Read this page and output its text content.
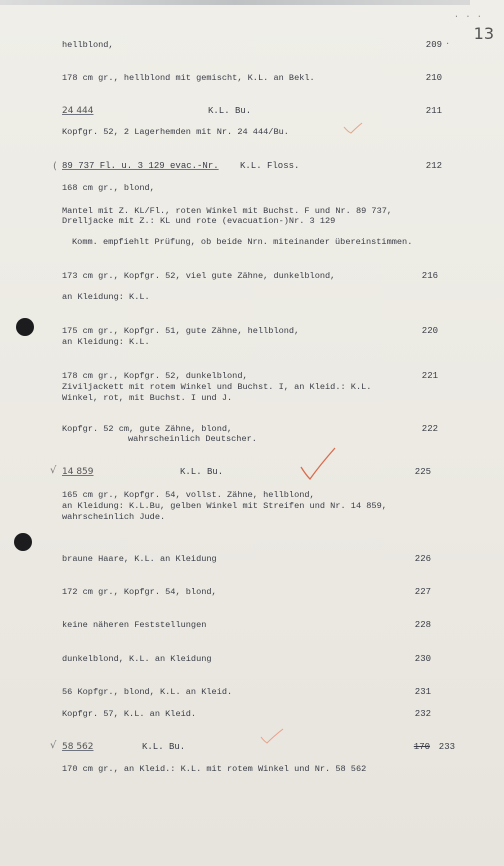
···
13
hellblond,	209 ·
178 cm gr., hellblond mit gemischt, K.L. an Bekl.	210
24 444	K.L. Bu.	211
Kopfgr. 52, 2 Lagerhemden mit Nr. 24 444/Bu.
( 89 737 Fl. u. 3 129 evac.-Nr. K.L. Floss.	212
168 cm gr., blond,
Mantel mit Z. KL/Fl., roten Winkel mit Buchst. F und Nr. 89 737,
Drelljacke mit Z.: KL und rote (evacuation-)Nr. 3 129
Komm. empfiehlt Prüfung, ob beide Nrn. miteinander übereinstimmen.
173 cm gr., Kopfgr. 52, viel gute Zähne, dunkelblond,	216
an Kleidung: K.L.
175 cm gr., Kopfgr. 51, gute Zähne, hellblond,	220
an Kleidung: K.L.
178 cm gr., Kopfgr. 52, dunkelblond,	221
Ziviljackett mit rotem Winkel und Buchst. I, an Kleid.: K.L.
Winkel, rot, mit Buchst. I und J.
Kopfgr. 52 cm, gute Zähne, blond,	222
wahrscheinlich Deutscher.
√ 14 859	K.L. Bu.	225
165 cm gr., Kopfgr. 54, vollst. Zähne, hellblond,
an Kleidung: K.L.Bu, gelben Winkel mit Streifen und Nr. 14 859,
wahrscheinlich Jude.
braune Haare, K.L. an Kleidung	226
172 cm gr., Kopfgr. 54, blond,	227
keine näheren Feststellungen	228
dunkelblond, K.L. an Kleidung	230
56 Kopfgr., blond, K.L. an Kleid.	231
Kopfgr. 57, K.L. an Kleid.	232
√ 58 562	K.L. Bu.	170 233
170 cm gr., an Kleid.: K.L. mit rotem Winkel und Nr. 58 562
